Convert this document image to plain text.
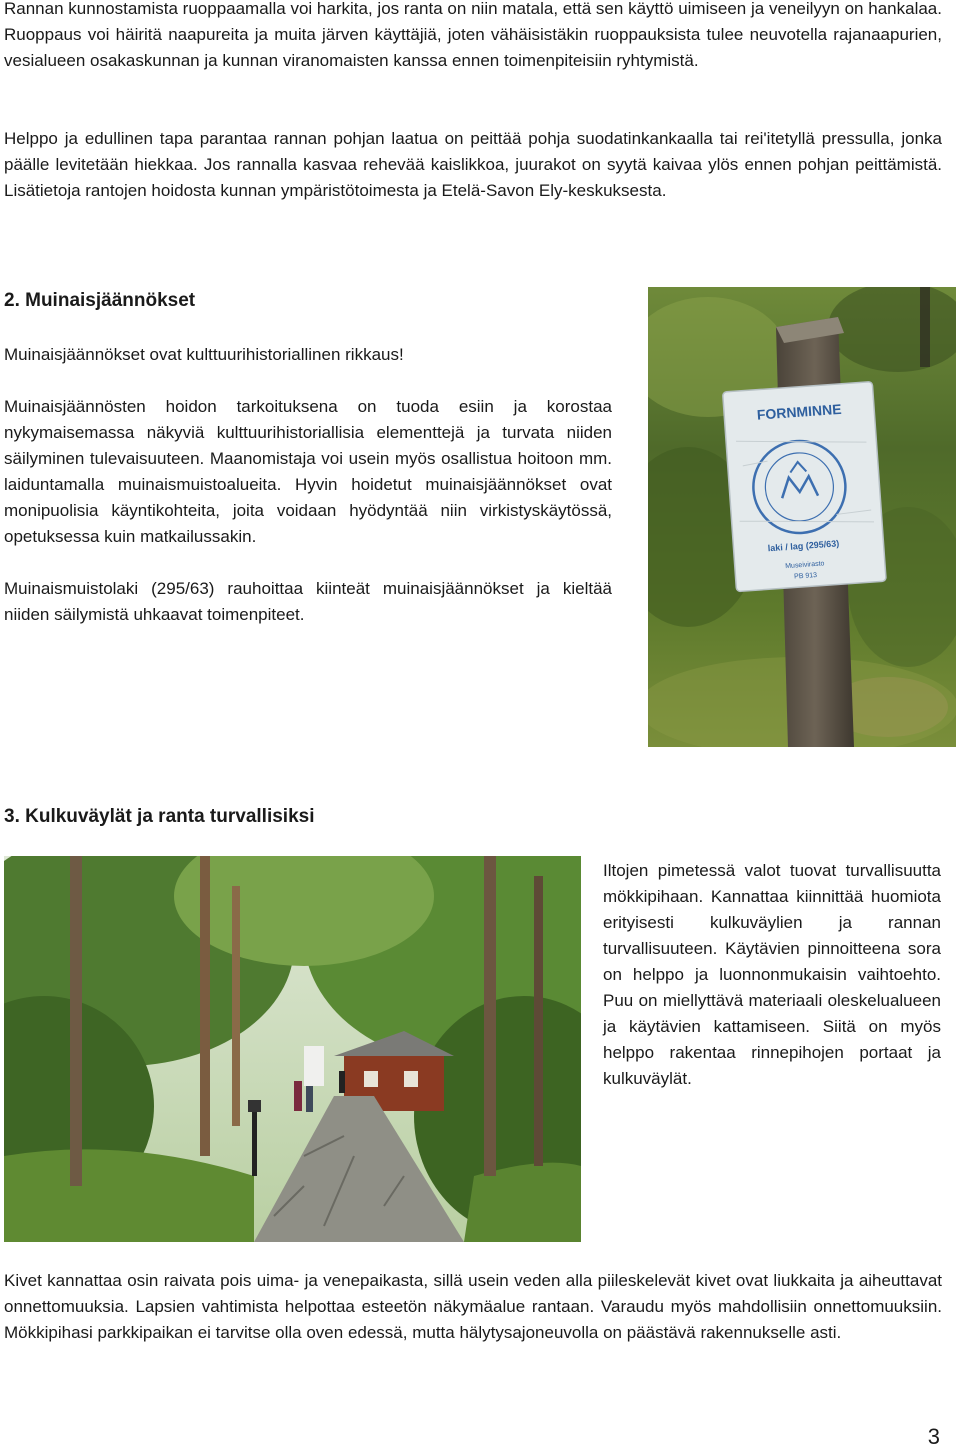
Rannan kunnostamista ruoppaamalla voi harkita, jos ranta on niin matala, että sen käyttö uimiseen ja veneilyyn on hankalaa. Ruoppaus voi häiritä naapureita ja muita järven käyttäjiä, joten vähäisistäkin ruoppauksista tulee neuvotella rajanaapurien, vesialueen osakaskunnan ja kunnan viranomaisten kanssa ennen toimenpiteisiin ryhtymistä.

Helppo ja edullinen tapa parantaa rannan pohjan laatua on peittää pohja suodatinkankaalla tai rei'itetyllä pressulla, jonka päälle levitetään hiekkaa. Jos rannalla kasvaa rehevää kaislikkoa, juurakot on syytä kaivaa ylös ennen pohjan peittämistä. Lisätietoja rantojen hoidosta kunnan ympäristötoimesta ja Etelä-Savon Ely-keskuksesta.

2. Muinaisjäännökset

Muinaisjäännökset ovat kulttuurihistoriallinen rikkaus!

Muinaisjäännösten hoidon tarkoituksena on tuoda esiin ja korostaa nykymaisemassa näkyviä kulttuurihistoriallisia elementtejä ja turvata niiden säilyminen tulevaisuuteen. Maanomistaja voi usein myös osallistua hoitoon mm. laiduntamalla muinaismuistoalueita. Hyvin hoidetut muinaisjäännökset ovat monipuolisia käyntikohteita, joita voidaan hyödyntää niin virkistyskäytössä, opetuksessa kuin matkailussakin.

Muinaismuistolaki (295/63) rauhoittaa kiinteät muinaisjäännökset ja kieltää niiden säilymistä uhkaavat toimenpiteet.

FORNMINNE
laki / lag (295/63)
Museivirasto
PB 913
3. Kulkuväylät ja ranta turvallisiksi

Iltojen pimetessä valot tuovat turvallisuutta mökkipihaan. Kannattaa kiinnittää huomiota erityisesti kulkuväylien ja rannan turvallisuuteen. Käytävien pinnoitteena sora on helppo ja luonnonmukaisin vaihtoehto. Puu on miellyttävä materiaali oleskelualueen ja käytävien kattamiseen. Siitä on myös helppo rakentaa rinnepihojen portaat ja kulkuväylät.

Kivet kannattaa osin raivata pois uima- ja venepaikasta, sillä usein veden alla piileskelevät kivet ovat liukkaita ja aiheuttavat onnettomuuksia. Lapsien vahtimista helpottaa esteetön näkymäalue rantaan. Varaudu myös mahdollisiin onnettomuuksiin. Mökkipihasi parkkipaikan ei tarvitse olla oven edessä, mutta hälytysajoneuvolla on päästävä rakennukselle asti.

3
